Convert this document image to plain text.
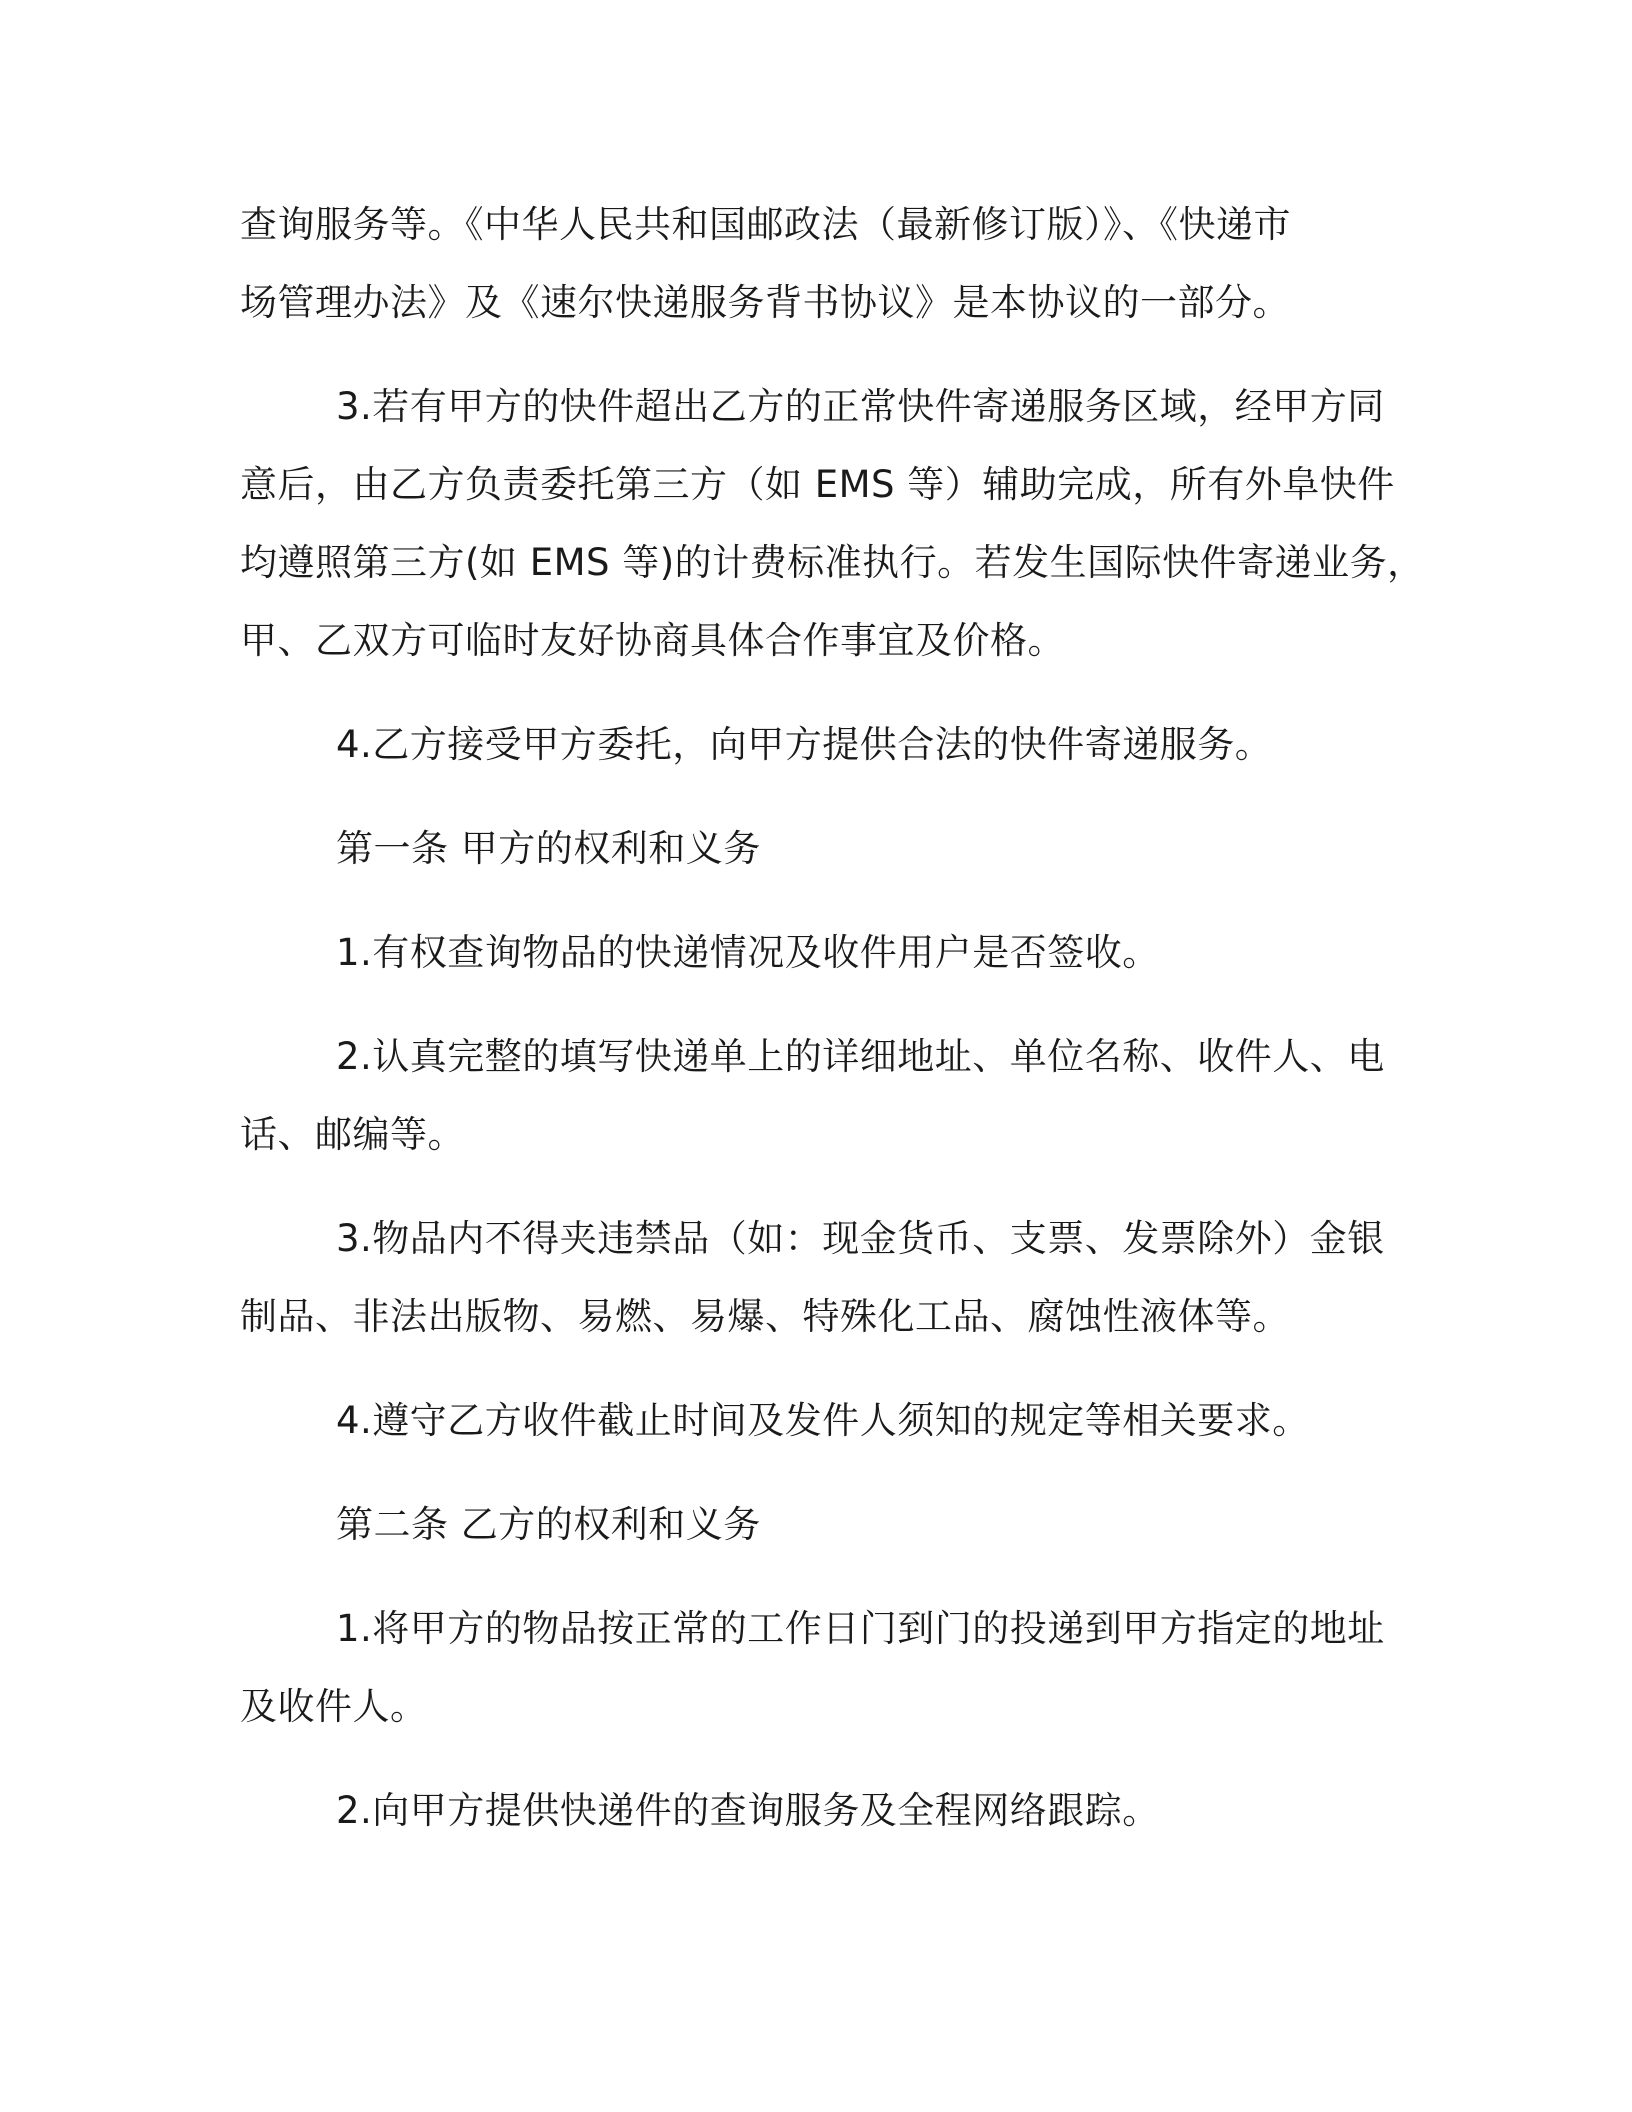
查询服务等。《中华人民共和国邮政法（最新修订版）》、《快递市
场管理办法》及《速尔快递服务背书协议》是本协议的一部分。

3.若有甲方的快件超出乙方的正常快件寄递服务区域，经甲方同
意后，由乙方负责委托第三方（如 EMS 等）辅助完成，所有外阜快件
均遵照第三方(如 EMS 等)的计费标准执行。若发生国际快件寄递业务，
甲、乙双方可临时友好协商具体合作事宜及价格。

4.乙方接受甲方委托，向甲方提供合法的快件寄递服务。

第一条 甲方的权利和义务

1.有权查询物品的快递情况及收件用户是否签收。

2.认真完整的填写快递单上的详细地址、单位名称、收件人、电
话、邮编等。

3.物品内不得夹违禁品（如：现金货币、支票、发票除外）金银
制品、非法出版物、易燃、易爆、特殊化工品、腐蚀性液体等。

4.遵守乙方收件截止时间及发件人须知的规定等相关要求。

第二条 乙方的权利和义务

1.将甲方的物品按正常的工作日门到门的投递到甲方指定的地址
及收件人。

2.向甲方提供快递件的查询服务及全程网络跟踪。
